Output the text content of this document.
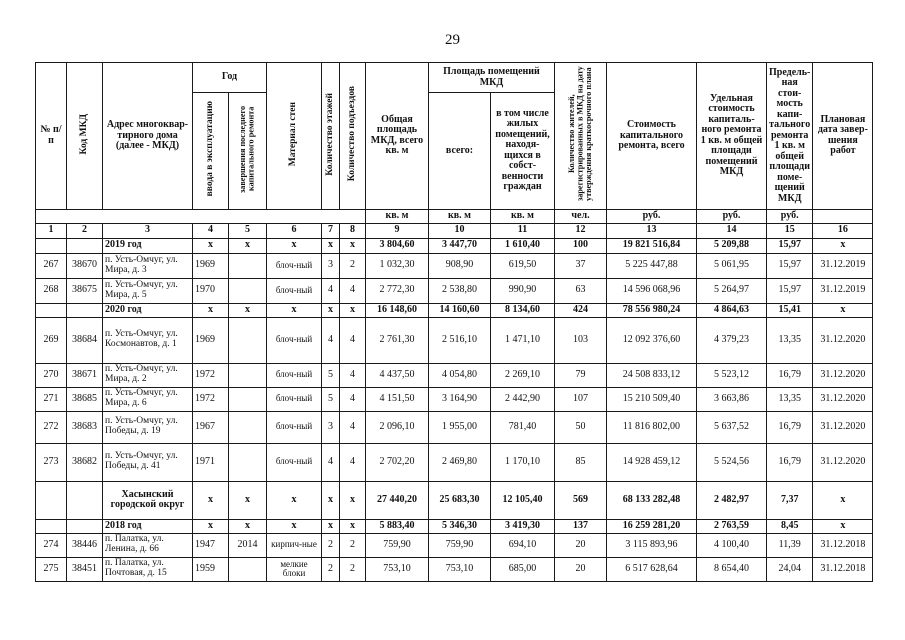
29
№ п/п	Код МКД	Адрес многоквар-тирного дома (далее - МКД)	Год		Материал стен	Количество этажей	Количество подъездов	Общая площадь МКД, всего кв. м	Площадь помещений МКД		Количество жителей, зарегистрированных в МКД на дату утверждения краткосрочного плана	Стоимость капитального ремонта, всего	Удельная стоимость капиталь-ного ремонта 1 кв. м общей площади помещений МКД	Предель-ная стои-мость капи-тального ремонта 1 кв. м общей площади поме-щений МКД	Плановая дата завер-шения работ
			ввода в эксплуатацию	завершения последнего капитального ремонта					всего:	в том числе жилых помещений, находя-щихся в собст-венности граждан					
								кв. м	кв. м	кв. м	чел.	руб.	руб.	руб.	
1	2	3	4	5	6	7	8	9	10	11	12	13	14	15	16
		2019 год	x	x	x	x	x	3 804,60	3 447,70	1 610,40	100	19 821 516,84	5 209,88	15,97	x
267	38670	п. Усть-Омчуг, ул. Мира, д. 3	1969		блоч-ный	3	2	1 032,30	908,90	619,50	37	5 225 447,88	5 061,95	15,97	31.12.2019
268	38675	п. Усть-Омчуг, ул. Мира, д. 5	1970		блоч-ный	4	4	2 772,30	2 538,80	990,90	63	14 596 068,96	5 264,97	15,97	31.12.2019
		2020 год	x	x	x	x	x	16 148,60	14 160,60	8 134,60	424	78 556 980,24	4 864,63	15,41	x
269	38684	п. Усть-Омчуг, ул. Космонавтов, д. 1	1969		блоч-ный	4	4	2 761,30	2 516,10	1 471,10	103	12 092 376,60	4 379,23	13,35	31.12.2020
270	38671	п. Усть-Омчуг, ул. Мира, д. 2	1972		блоч-ный	5	4	4 437,50	4 054,80	2 269,10	79	24 508 833,12	5 523,12	16,79	31.12.2020
271	38685	п. Усть-Омчуг, ул. Мира, д. 6	1972		блоч-ный	5	4	4 151,50	3 164,90	2 442,90	107	15 210 509,40	3 663,86	13,35	31.12.2020
272	38683	п. Усть-Омчуг, ул. Победы, д. 19	1967		блоч-ный	3	4	2 096,10	1 955,00	781,40	50	11 816 802,00	5 637,52	16,79	31.12.2020
273	38682	п. Усть-Омчуг, ул. Победы, д. 41	1971		блоч-ный	4	4	2 702,20	2 469,80	1 170,10	85	14 928 459,12	5 524,56	16,79	31.12.2020
		Хасынский городской округ	x	x	x	x	x	27 440,20	25 683,30	12 105,40	569	68 133 282,48	2 482,97	7,37	x
		2018 год	x	x	x	x	x	5 883,40	5 346,30	3 419,30	137	16 259 281,20	2 763,59	8,45	x
274	38446	п. Палатка, ул. Ленина, д. 66	1947	2014	кирпич-ные	2	2	759,90	759,90	694,10	20	3 115 893,96	4 100,40	11,39	31.12.2018
275	38451	п. Палатка, ул. Почтовая, д. 15	1959		мелкие блоки	2	2	753,10	753,10	685,00	20	6 517 628,64	8 654,40	24,04	31.12.2018
